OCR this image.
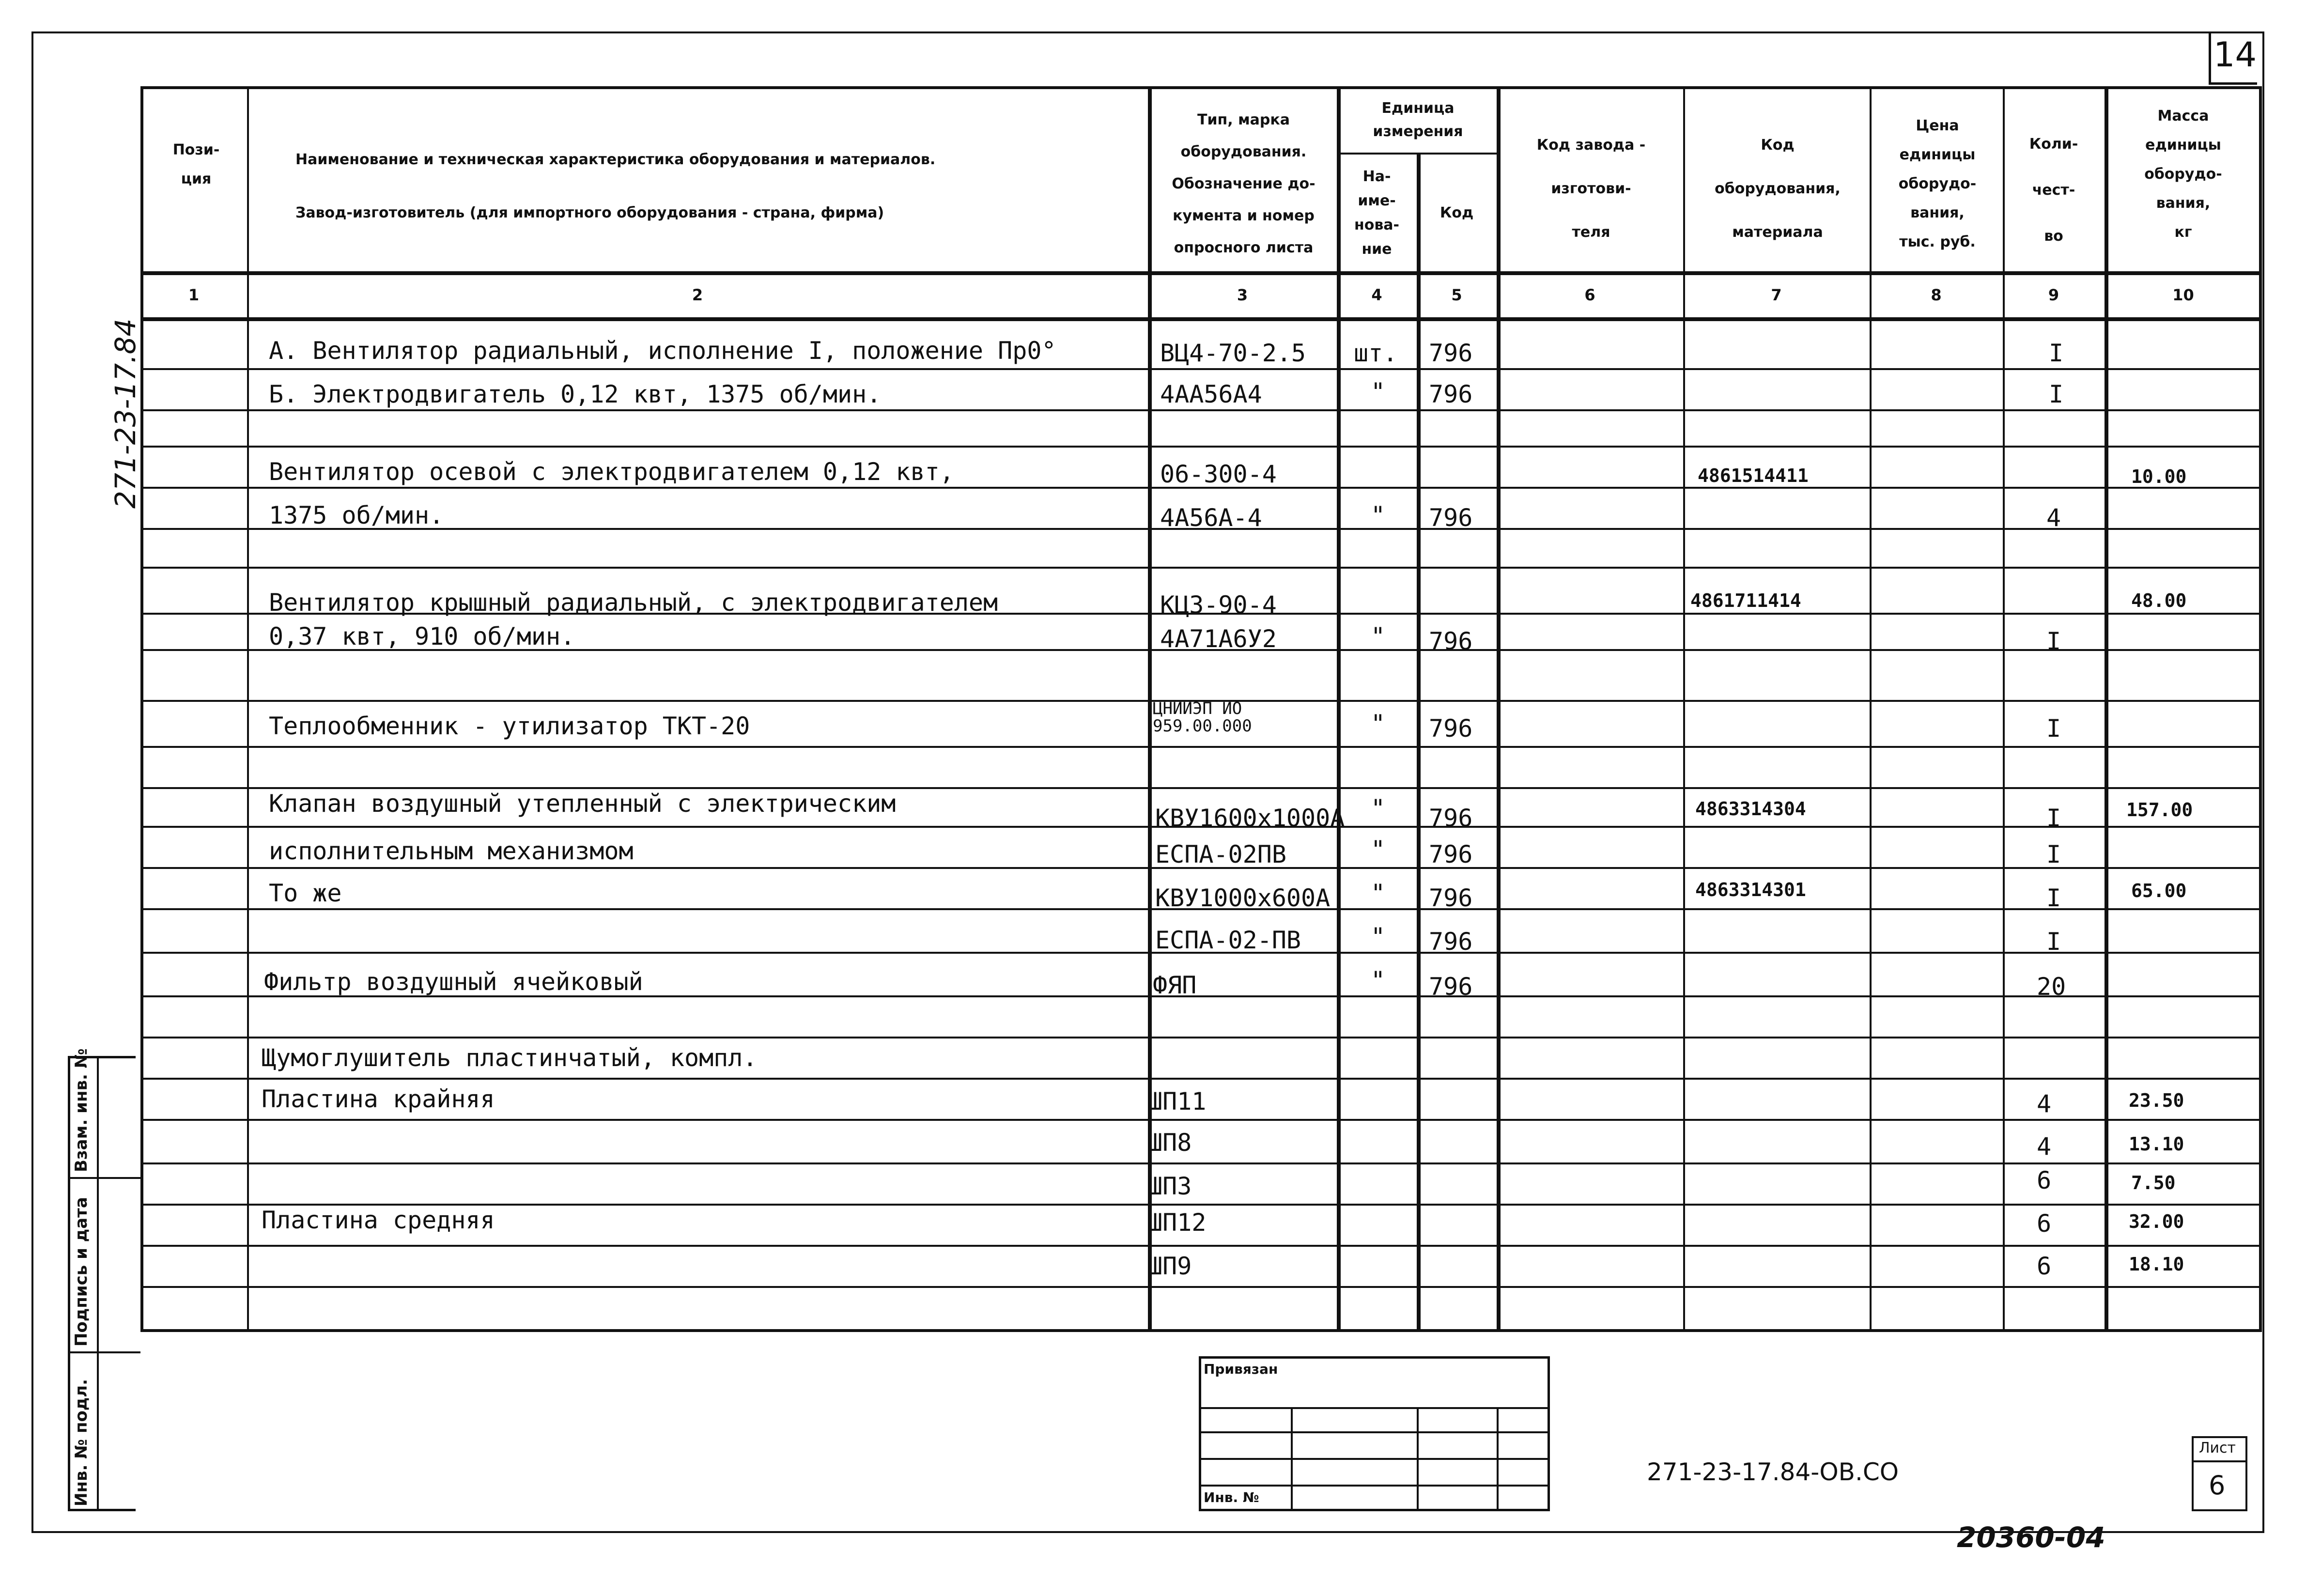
14
Пози-
ция
Наименование и техническая характеристика оборудования и материалов.
Завод-изготовитель (для импортного оборудования - страна, фирма)
Тип, марка
оборудования.
Обозначение до-
кумента и номер
опросного листа
Единица
измерения
На-
име-
нова-
ние
Код
Код завода -
изготови-
теля
Код
оборудования,
материала
Цена
единицы
оборудо-
вания,
тыс. руб.
Коли-
чест-
во
Масса
единицы
оборудо-
вания,
кг
1	2	3	4	5	6	7	8	9	10
А. Вентилятор радиальный, исполнение I, положение Пр0°	ВЦ4-70-2.5 шт. 796	I
Б. Электродвигатель 0,12 квт, 1375 об/мин.	4АА56А4	" 796	I
Вентилятор осевой с электродвигателем 0,12 квт,	06-300-4	4861514411	10.00
1375 об/мин.	4А56А-4	" 796	4
Вентилятор крышный радиальный, с электродвигателем	КЦ3-90-4	4861711414	48.00
0,37 квт, 910 об/мин.	4А71А6У2	" 796	I
Теплообменник - утилизатор ТКТ-20
ЦНИИЭП ИО 959.00.000	" 796	I
Клапан воздушный утепленный с электрическим
КВУ1600х1000А " 796	4863314304	I	157.00
исполнительным механизмом	ЕСПА-02ПВ	" 796	I
То же	КВУ1000х600А " 796	4863314301	I	65.00
ЕСПА-02-ПВ	" 796	I
Фильтр воздушный ячейковый	ФЯП	" 796	20
Щумоглушитель пластинчатый, компл.
Пластина крайняя	ШП11	4	23.50
ШП8	4	13.10
ШП3	6	7.50
Пластина средняя	ШП12	6	32.00
ШП9	6	18.10
271-23-17.84
Взам. инв. №
Подпись и дата
Инв. № подл.
Привязан
Инв. №
271-23-17.84-ОВ.СО
Лист
6
20360-04
